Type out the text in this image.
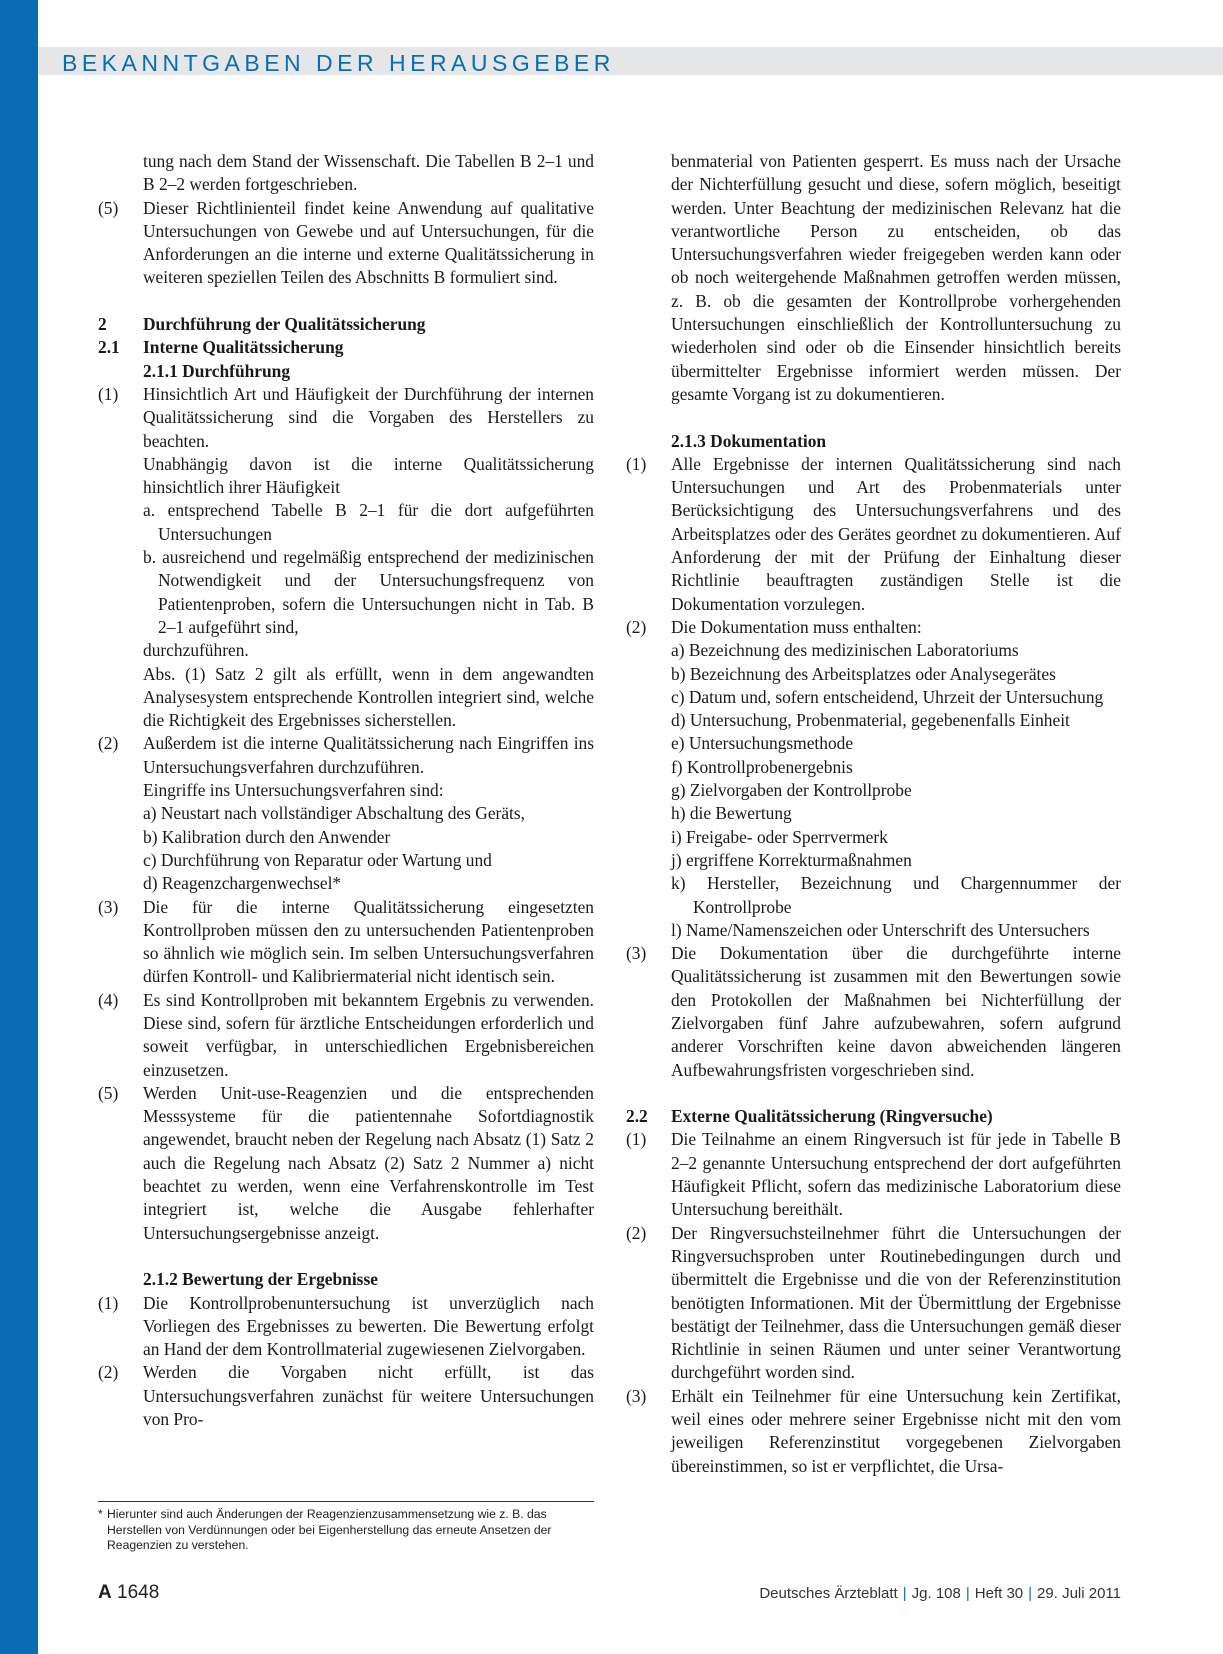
BEKANNTGABEN DER HERAUSGEBER
tung nach dem Stand der Wissenschaft. Die Tabellen B 2–1 und B 2–2 werden fortgeschrieben.
(5)	Dieser Richtlinienteil findet keine Anwendung auf qualitative Untersuchungen von Gewebe und auf Untersuchungen, für die Anforderungen an die interne und externe Qualitätssicherung in weiteren speziellen Teilen des Abschnitts B formuliert sind.
2	Durchführung der Qualitätssicherung
2.1	Interne Qualitätssicherung
2.1.1 Durchführung
(1)	Hinsichtlich Art und Häufigkeit der Durchführung der internen Qualitätssicherung sind die Vorgaben des Herstellers zu beachten.
Unabhängig davon ist die interne Qualitätssicherung hinsichtlich ihrer Häufigkeit
a. entsprechend Tabelle B 2–1 für die dort aufgeführten Untersuchungen
b. ausreichend und regelmäßig entsprechend der medizinischen Notwendigkeit und der Untersuchungsfrequenz von Patientenproben, sofern die Untersuchungen nicht in Tab. B 2–1 aufgeführt sind,
durchzuführen.
Abs. (1) Satz 2 gilt als erfüllt, wenn in dem angewandten Analysesystem entsprechende Kontrollen integriert sind, welche die Richtigkeit des Ergebnisses sicherstellen.
(2)	Außerdem ist die interne Qualitätssicherung nach Eingriffen ins Untersuchungsverfahren durchzuführen.
Eingriffe ins Untersuchungsverfahren sind:
a) Neustart nach vollständiger Abschaltung des Geräts,
b) Kalibration durch den Anwender
c) Durchführung von Reparatur oder Wartung und
d) Reagenzchargenwechsel*
(3)	Die für die interne Qualitätssicherung eingesetzten Kontrollproben müssen den zu untersuchenden Patientenproben so ähnlich wie möglich sein. Im selben Untersuchungsverfahren dürfen Kontroll- und Kalibriermaterial nicht identisch sein.
(4)	Es sind Kontrollproben mit bekanntem Ergebnis zu verwenden. Diese sind, sofern für ärztliche Entscheidungen erforderlich und soweit verfügbar, in unterschiedlichen Ergebnisbereichen einzusetzen.
(5)	Werden Unit-use-Reagenzien und die entsprechenden Messsysteme für die patientennahe Sofortdiagnostik angewendet, braucht neben der Regelung nach Absatz (1) Satz 2 auch die Regelung nach Absatz (2) Satz 2 Nummer a) nicht beachtet zu werden, wenn eine Verfahrenskontrolle im Test integriert ist, welche die Ausgabe fehlerhafter Untersuchungsergebnisse anzeigt.
2.1.2 Bewertung der Ergebnisse
(1)	Die Kontrollprobenuntersuchung ist unverzüglich nach Vorliegen des Ergebnisses zu bewerten. Die Bewertung erfolgt an Hand der dem Kontrollmaterial zugewiesenen Zielvorgaben.
(2)	Werden die Vorgaben nicht erfüllt, ist das Untersuchungsverfahren zunächst für weitere Untersuchungen von Pro-
benmaterial von Patienten gesperrt. Es muss nach der Ursache der Nichterfüllung gesucht und diese, sofern möglich, beseitigt werden. Unter Beachtung der medizinischen Relevanz hat die verantwortliche Person zu entscheiden, ob das Untersuchungsverfahren wieder freigegeben werden kann oder ob noch weitergehende Maßnahmen getroffen werden müssen, z. B. ob die gesamten der Kontrollprobe vorhergehenden Untersuchungen einschließlich der Kontrolluntersuchung zu wiederholen sind oder ob die Einsender hinsichtlich bereits übermittelter Ergebnisse informiert werden müssen. Der gesamte Vorgang ist zu dokumentieren.
2.1.3 Dokumentation
(1)	Alle Ergebnisse der internen Qualitätssicherung sind nach Untersuchungen und Art des Probenmaterials unter Berücksichtigung des Untersuchungsverfahrens und des Arbeitsplatzes oder des Gerätes geordnet zu dokumentieren. Auf Anforderung der mit der Prüfung der Einhaltung dieser Richtlinie beauftragten zuständigen Stelle ist die Dokumentation vorzulegen.
(2)	Die Dokumentation muss enthalten:
a) Bezeichnung des medizinischen Laboratoriums
b) Bezeichnung des Arbeitsplatzes oder Analysegerätes
c) Datum und, sofern entscheidend, Uhrzeit der Untersuchung
d) Untersuchung, Probenmaterial, gegebenenfalls Einheit
e) Untersuchungsmethode
f) Kontrollprobenergebnis
g) Zielvorgaben der Kontrollprobe
h) die Bewertung
i) Freigabe- oder Sperrvermerk
j) ergriffene Korrekturmaßnahmen
k) Hersteller, Bezeichnung und Chargennummer der Kontrollprobe
l) Name/Namenszeichen oder Unterschrift des Untersuchers
(3)	Die Dokumentation über die durchgeführte interne Qualitätssicherung ist zusammen mit den Bewertungen sowie den Protokollen der Maßnahmen bei Nichterfüllung der Zielvorgaben fünf Jahre aufzubewahren, sofern aufgrund anderer Vorschriften keine davon abweichenden längeren Aufbewahrungsfristen vorgeschrieben sind.
2.2	Externe Qualitätssicherung (Ringversuche)
(1)	Die Teilnahme an einem Ringversuch ist für jede in Tabelle B 2–2 genannte Untersuchung entsprechend der dort aufgeführten Häufigkeit Pflicht, sofern das medizinische Laboratorium diese Untersuchung bereithält.
(2)	Der Ringversuchsteilnehmer führt die Untersuchungen der Ringversuchsproben unter Routinebedingungen durch und übermittelt die Ergebnisse und die von der Referenzinstitution benötigten Informationen. Mit der Übermittlung der Ergebnisse bestätigt der Teilnehmer, dass die Untersuchungen gemäß dieser Richtlinie in seinen Räumen und unter seiner Verantwortung durchgeführt worden sind.
(3)	Erhält ein Teilnehmer für eine Untersuchung kein Zertifikat, weil eines oder mehrere seiner Ergebnisse nicht mit den vom jeweiligen Referenzinstitut vorgegebenen Zielvorgaben übereinstimmen, so ist er verpflichtet, die Ursa-
* Hierunter sind auch Änderungen der Reagenzienzusammensetzung wie z. B. das Herstellen von Verdünnungen oder bei Eigenherstellung das erneute Ansetzen der Reagenzien zu verstehen.
A 1648	Deutsches Ärzteblatt | Jg. 108 | Heft 30 | 29. Juli 2011
